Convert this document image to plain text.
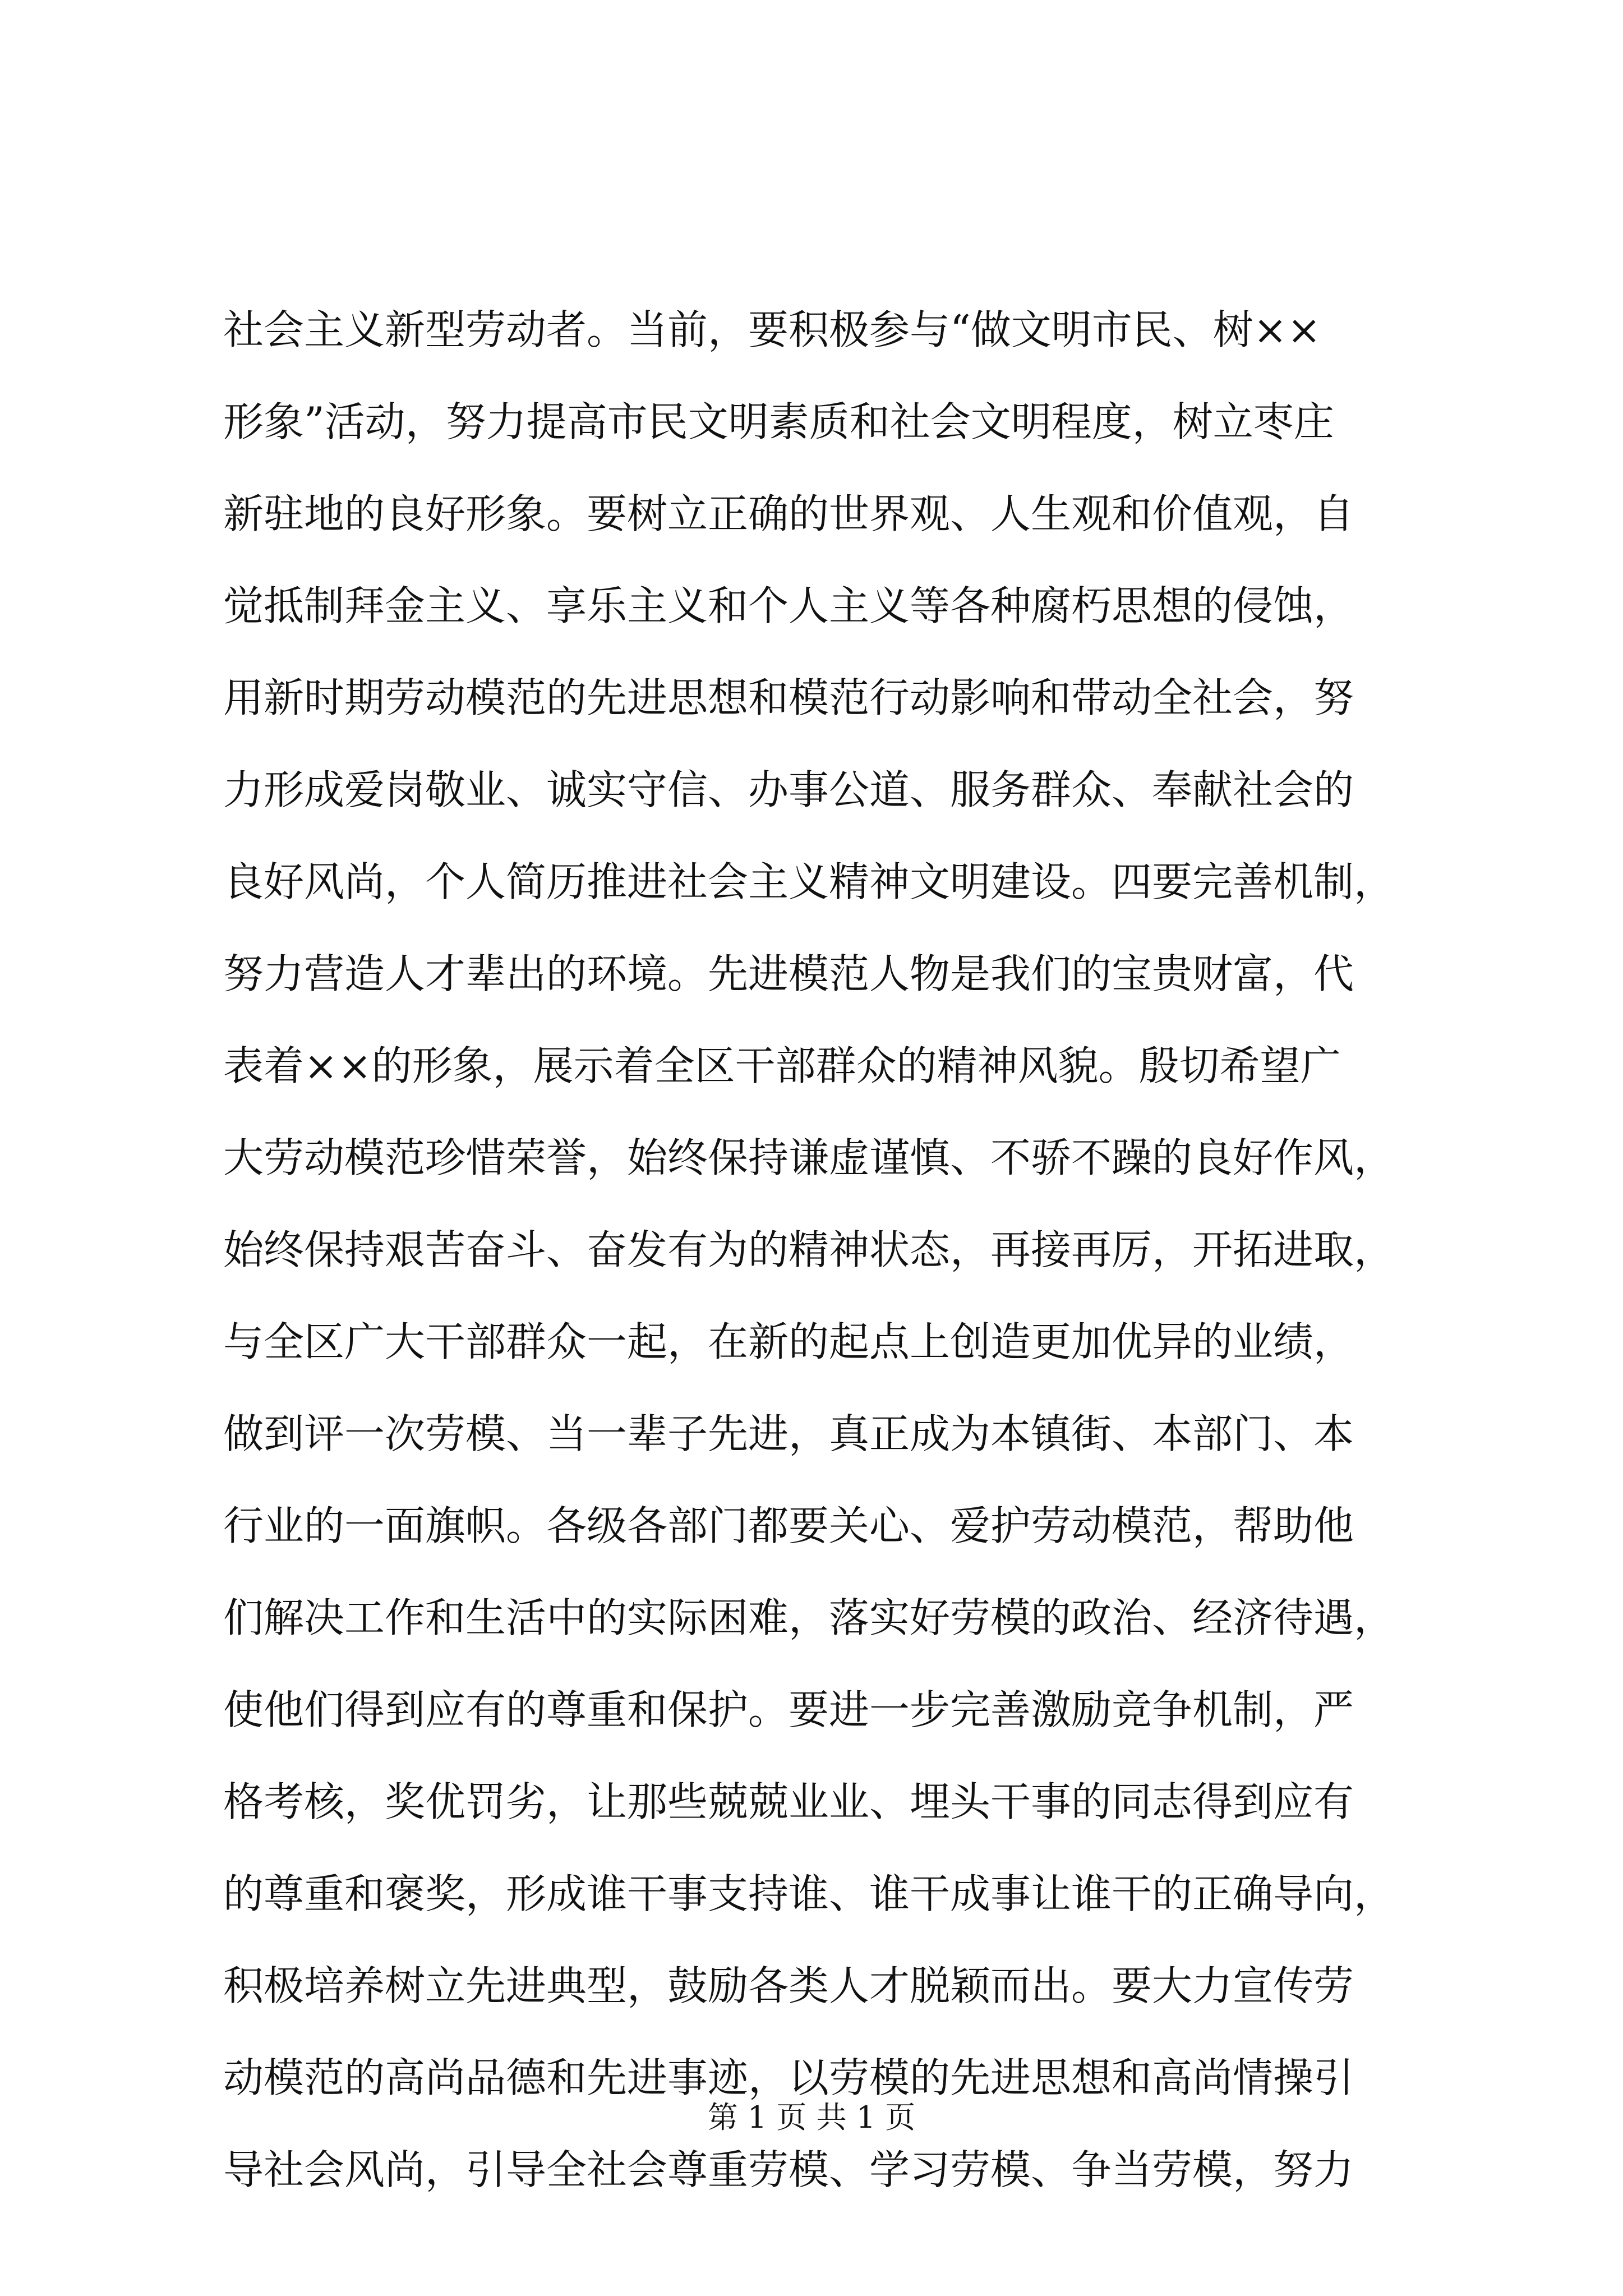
社会主义新型劳动者。当前，要积极参与“做文明市民、树××
形象”活动，努力提高市民文明素质和社会文明程度，树立枣庄
新驻地的良好形象。要树立正确的世界观、人生观和价值观，自
觉抵制拜金主义、享乐主义和个人主义等各种腐朽思想的侵蚀，
用新时期劳动模范的先进思想和模范行动影响和带动全社会，努
力形成爱岗敬业、诚实守信、办事公道、服务群众、奉献社会的
良好风尚，个人简历推进社会主义精神文明建设。四要完善机制，
努力营造人才辈出的环境。先进模范人物是我们的宝贵财富，代
表着××的形象，展示着全区干部群众的精神风貌。殷切希望广
大劳动模范珍惜荣誉，始终保持谦虚谨慎、不骄不躁的良好作风，
始终保持艰苦奋斗、奋发有为的精神状态，再接再厉，开拓进取，
与全区广大干部群众一起，在新的起点上创造更加优异的业绩，
做到评一次劳模、当一辈子先进，真正成为本镇街、本部门、本
行业的一面旗帜。各级各部门都要关心、爱护劳动模范，帮助他
们解决工作和生活中的实际困难，落实好劳模的政治、经济待遇，
使他们得到应有的尊重和保护。要进一步完善激励竞争机制，严
格考核，奖优罚劣，让那些兢兢业业、埋头干事的同志得到应有
的尊重和褒奖，形成谁干事支持谁、谁干成事让谁干的正确导向，
积极培养树立先进典型，鼓励各类人才脱颖而出。要大力宣传劳
动模范的高尚品德和先进事迹，以劳模的先进思想和高尚情操引
导社会风尚，引导全社会尊重劳模、学习劳模、争当劳模，努力
第 1 页 共 1 页
